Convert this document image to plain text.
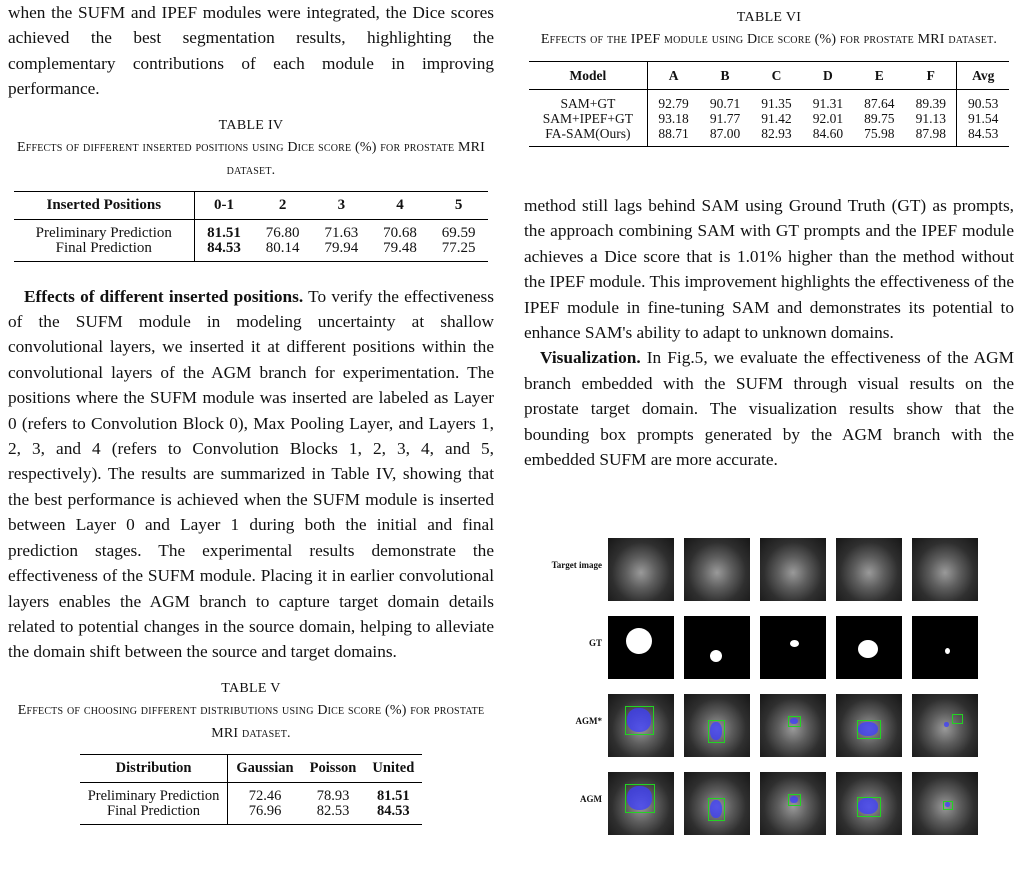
when the SUFM and IPEF modules were integrated, the Dice scores achieved the best segmentation results, highlighting the complementary contributions of each module in improving performance.

TABLE IV
Effects of different inserted positions using Dice score (%) for prostate MRI dataset.
Inserted Positions	0-1	2	3	4	5
Preliminary Prediction	81.51	76.80	71.63	70.68	69.59
Final Prediction	84.53	80.14	79.94	79.48	77.25

Effects of different inserted positions. To verify the effectiveness of the SUFM module in modeling uncertainty at shallow convolutional layers, we inserted it at different positions within the convolutional layers of the AGM branch for experimentation. The positions where the SUFM module was inserted are labeled as Layer 0 (refers to Convolution Block 0), Max Pooling Layer, and Layers 1, 2, 3, and 4 (refers to Convolution Blocks 1, 2, 3, 4, and 5, respectively). The results are summarized in Table IV, showing that the best performance is achieved when the SUFM module is inserted between Layer 0 and Layer 1 during both the initial and final prediction stages. The experimental results demonstrate the effectiveness of the SUFM module. Placing it in earlier convolutional layers enables the AGM branch to capture target domain details related to potential changes in the source domain, helping to alleviate the domain shift between the source and target domains.

TABLE V
Effects of choosing different distributions using Dice score (%) for prostate MRI dataset.
Distribution	Gaussian	Poisson	United
Preliminary Prediction	72.46	78.93	81.51
Final Prediction	76.96	82.53	84.53
TABLE VI
Effects of the IPEF module using Dice score (%) for prostate MRI dataset.
Model	A	B	C	D	E	F	Avg
SAM+GT	92.79	90.71	91.35	91.31	87.64	89.39	90.53
SAM+IPEF+GT	93.18	91.77	91.42	92.01	89.75	91.13	91.54
FA-SAM(Ours)	88.71	87.00	82.93	84.60	75.98	87.98	84.53

method still lags behind SAM using Ground Truth (GT) as prompts, the approach combining SAM with GT prompts and the IPEF module achieves a Dice score that is 1.01% higher than the method without the IPEF module. This improvement highlights the effectiveness of the IPEF module in fine-tuning SAM and demonstrates its potential to enhance SAM's ability to adapt to unknown domains.

Visualization. In Fig.5, we evaluate the effectiveness of the AGM branch embedded with the SUFM through visual results on the prostate target domain. The visualization results show that the bounding box prompts generated by the AGM branch with the embedded SUFM are more accurate.

Target image
GT
AGM*
AGM
